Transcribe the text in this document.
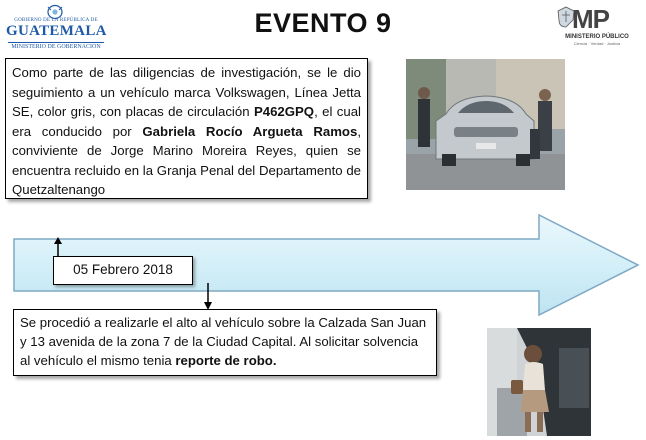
GOBIERNO DE LA REPÚBLICA DE
GUATEMALA
MINISTERIO DE GOBERNACIÓN
EVENTO 9	MP
MINISTERIO PÚBLICO
Ciencia · Verdad · Justicia
Como parte de las diligencias de investigación, se le dio seguimiento a un vehículo marca Volkswagen, Línea Jetta SE, color gris, con placas de circulación P462GPQ, el cual era conducido por Gabriela Rocío Argueta Ramos, conviviente de Jorge Marino Moreira Reyes, quien se encuentra recluido en la Granja Penal del Departamento de Quetzaltenango
05 Febrero 2018
Se procedió a realizarle el alto al vehículo sobre la Calzada San Juan y 13 avenida de la zona 7 de la Ciudad Capital. Al solicitar solvencia al vehículo el mismo tenia reporte de robo.
